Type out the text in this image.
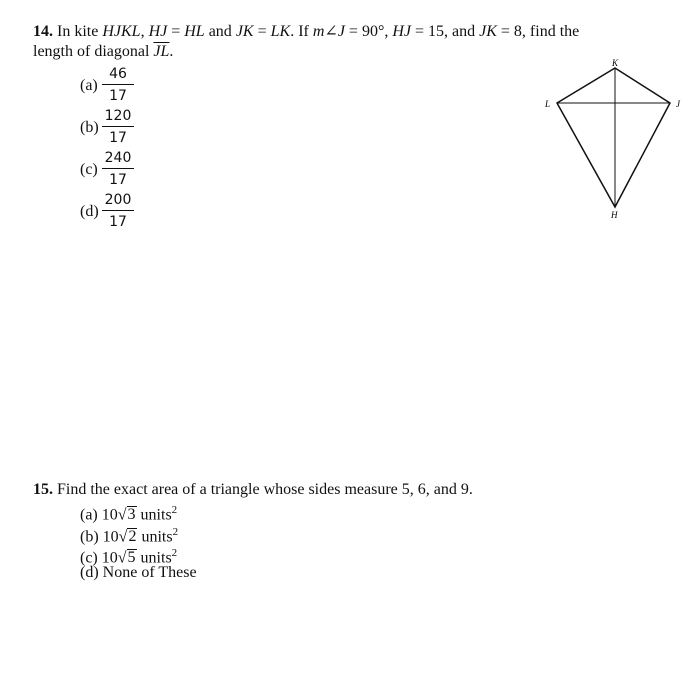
14. In kite HJKL, HJ = HL and JK = LK. If m∠J = 90°, HJ = 15, and JK = 8, find the
length of diagonal $\overline{JL}$.
(a)
46
17
(b)
120
17
(c)
240
17
(d)
200
17
K
L	J
H
15. Find the exact area of a triangle whose sides measure 5, 6, and 9.
(a) 10√3 units$^2$
(b) 10√2 units$^2$
(c) 10√5 units$^2$
(d) None of These
